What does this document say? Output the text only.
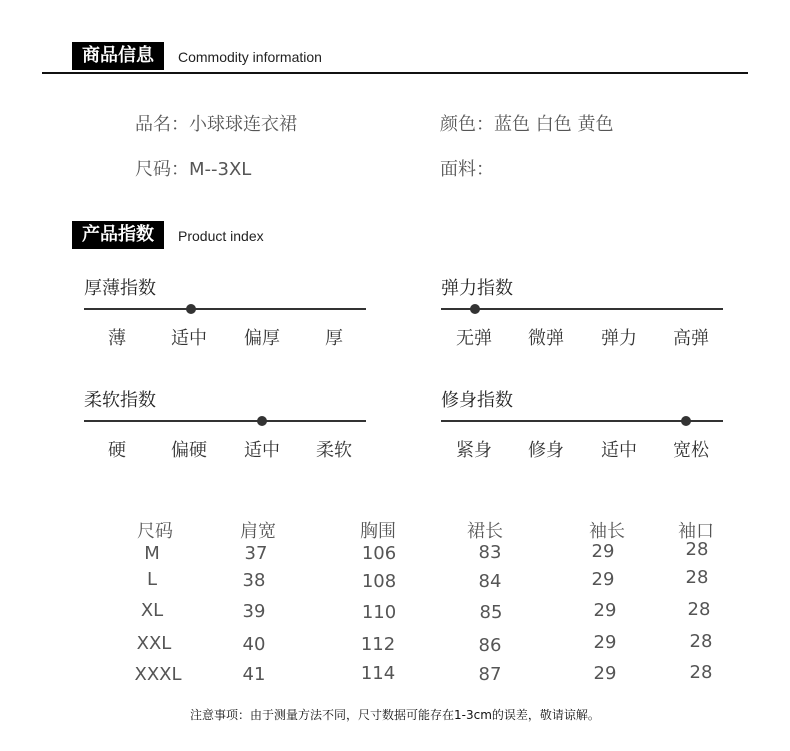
商品信息	Commodity information
品名：小球球连衣裙	颜色：蓝色 白色 黄色
尺码：M--3XL	面料：
产品指数	Product index
厚薄指数
薄	适中	偏厚	厚
弹力指数
无弹	微弹	弹力	高弹
柔软指数
硬	偏硬	适中	柔软
修身指数
紧身	修身	适中	宽松
尺码	肩宽	胸围	裙长	袖长	袖口
M	37	106	83	29	28
L	38	108	84	29	28
XL	39	110	85	29	28
XXL	40	112	86	29	28
XXXL	41	114	87	29	28
注意事项：由于测量方法不同，尺寸数据可能存在1-3cm的误差，敬请谅解。
